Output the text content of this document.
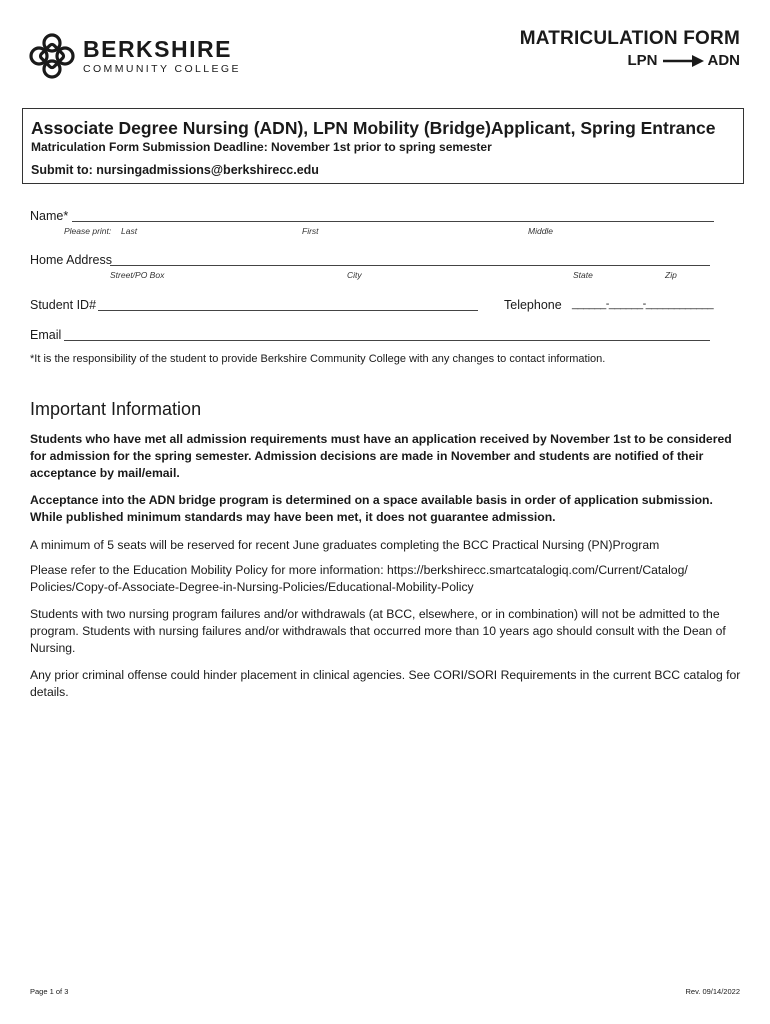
BERKSHIRE
COMMUNITY COLLEGE
MATRICULATION FORM
LPN	ADN
Associate Degree Nursing (ADN), LPN Mobility (Bridge)Applicant, Spring Entrance
Matriculation Form Submission Deadline: November 1st prior to spring semester
Submit to: nursingadmissions@berkshirecc.edu
Name*
Please print: Last	First	Middle
Home Address
Street/PO Box	City	State	Zip
Student ID#	Telephone ______-______-____________
Email
*It is the responsibility of the student to provide Berkshire Community College with any changes to contact information.
Important Information

Students who have met all admission requirements must have an application received by November 1st to be considered for admission for the spring semester. Admission decisions are made in November and students are notified of their acceptance by mail/email.

Acceptance into the ADN bridge program is determined on a space available basis in order of application submission. While published minimum standards may have been met, it does not guarantee admission.

A minimum of 5 seats will be reserved for recent June graduates completing the BCC Practical Nursing (PN)Program

Please refer to the Education Mobility Policy for more information: https://berkshirecc.smartcatalogiq.com/Current/Catalog/
Policies/Copy-of-Associate-Degree-in-Nursing-Policies/Educational-Mobility-Policy

Students with two nursing program failures and/or withdrawals (at BCC, elsewhere, or in combination) will not be admitted to the program. Students with nursing failures and/or withdrawals that occurred more than 10 years ago should consult with the Dean of Nursing.

Any prior criminal offense could hinder placement in clinical agencies. See CORI/SORI Requirements in the current BCC catalog for details.

Page 1 of 3	Rev. 09/14/2022
